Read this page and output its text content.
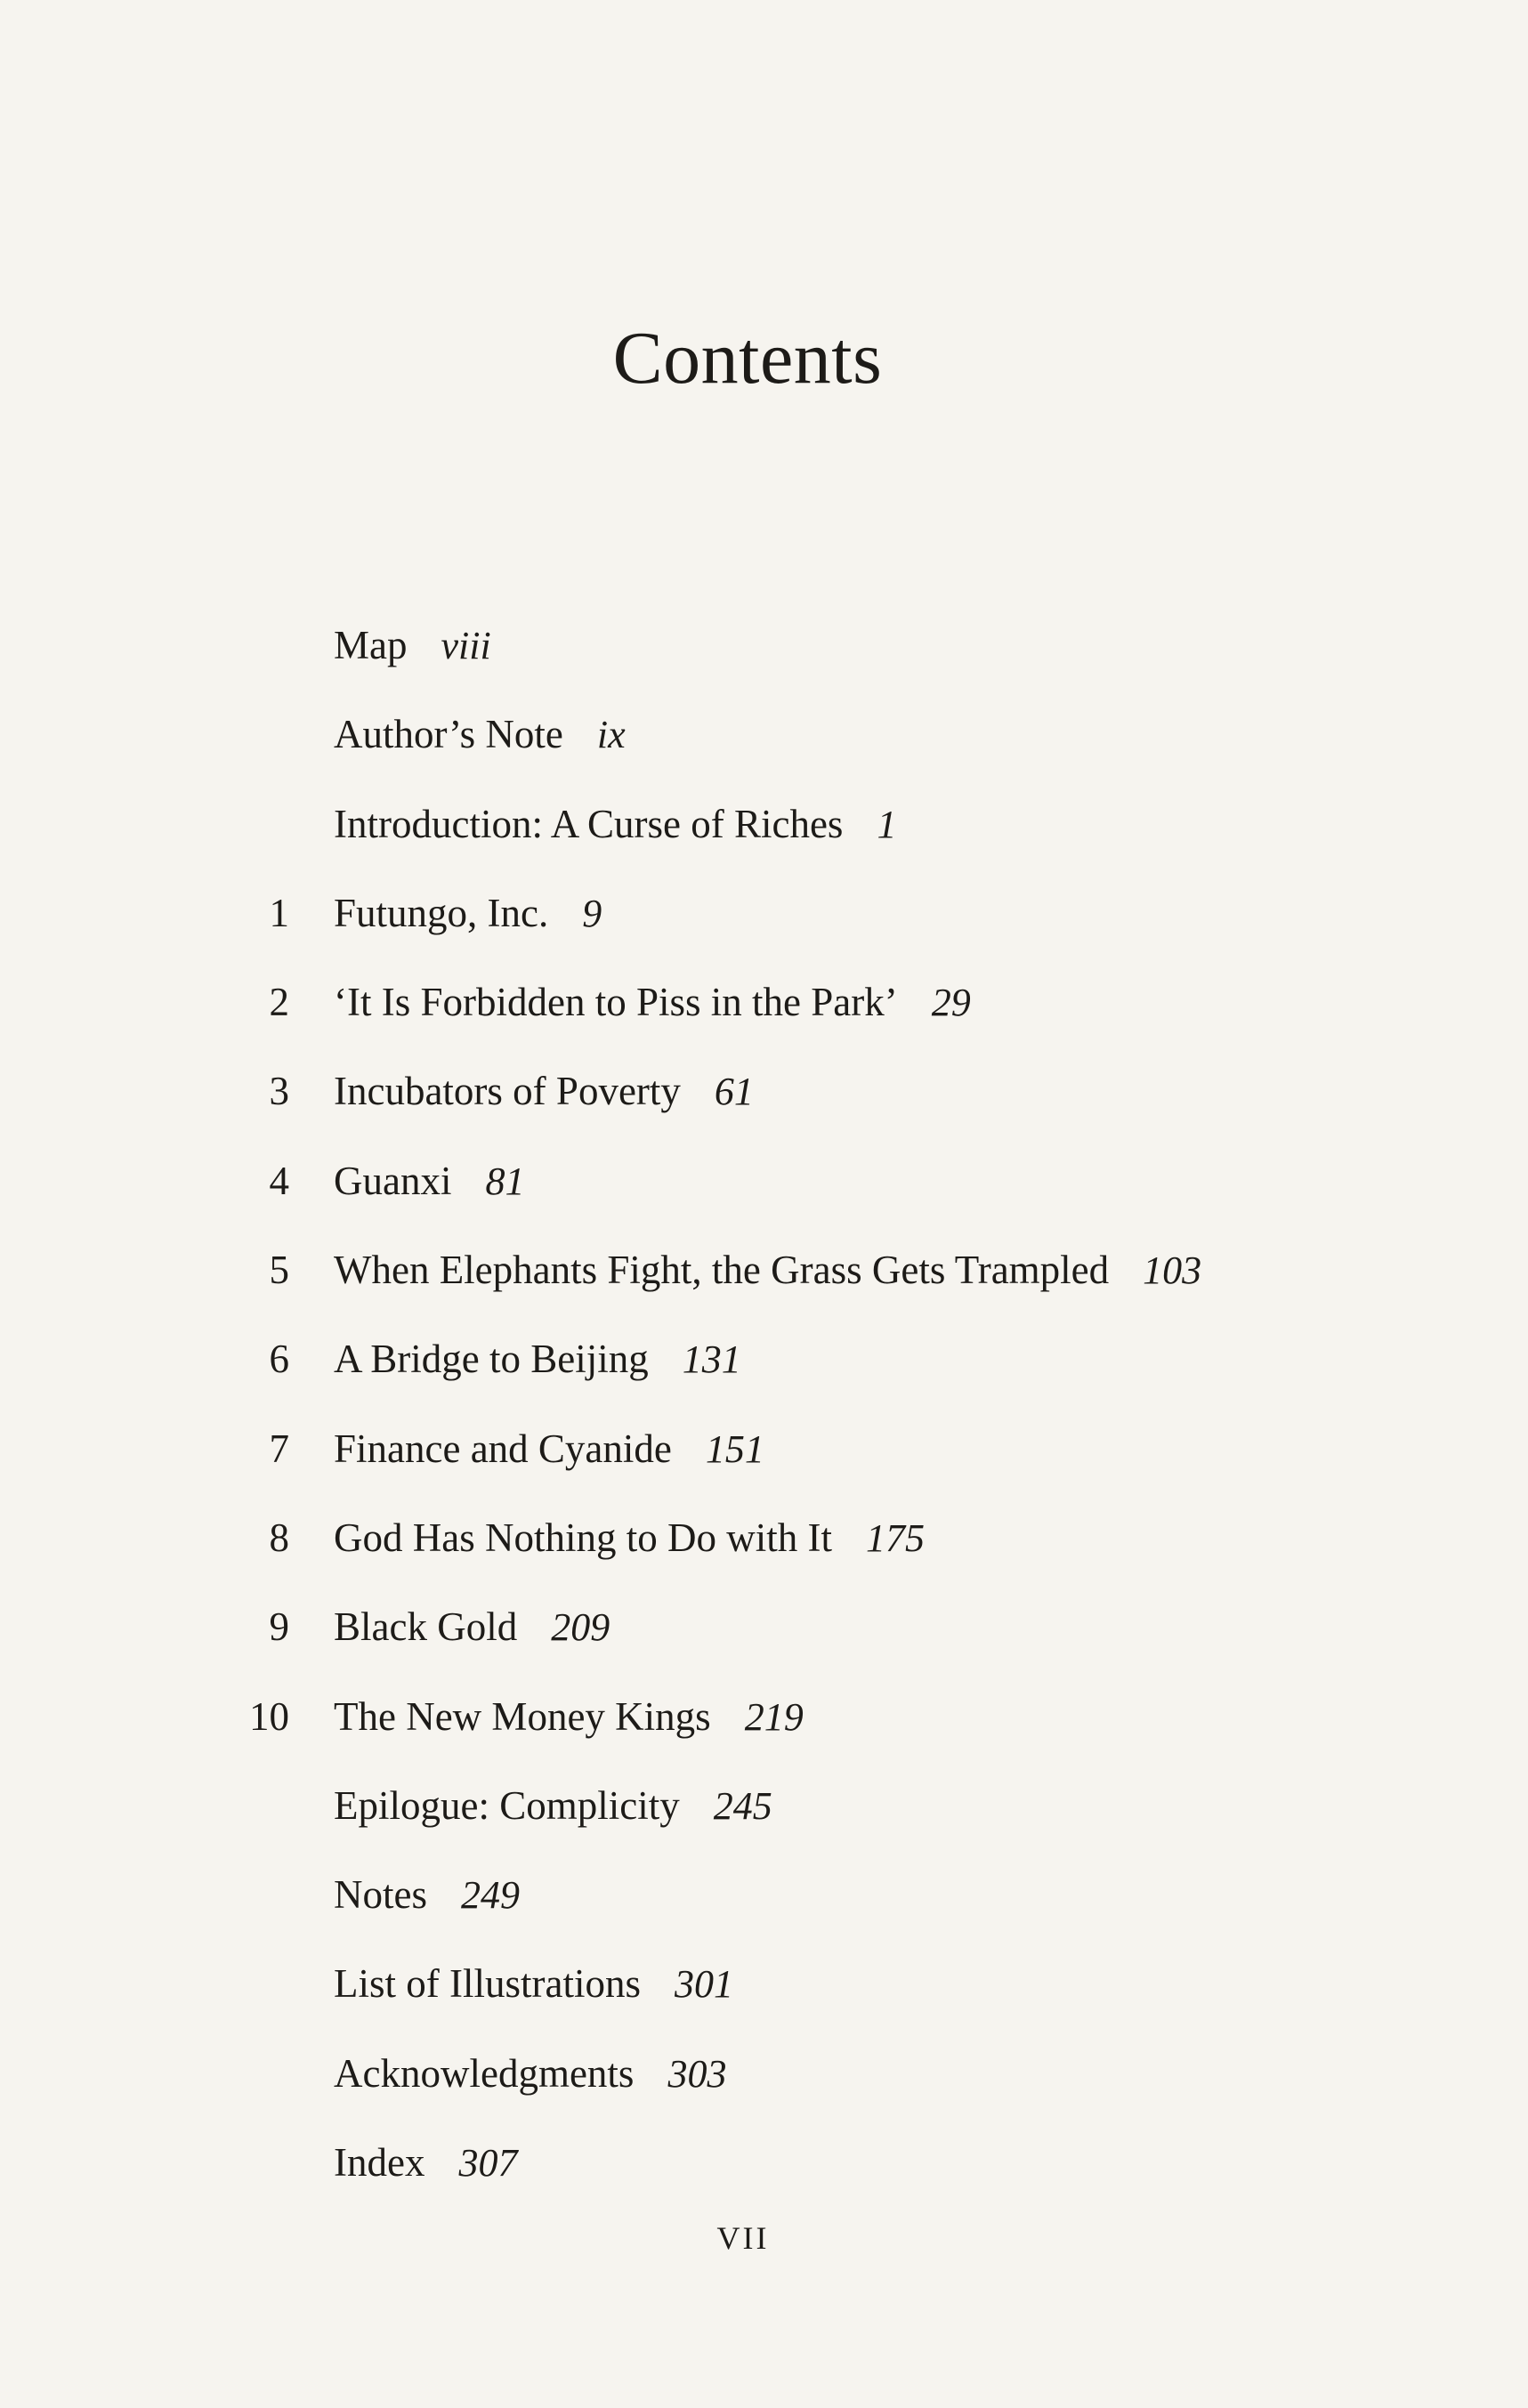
Contents
Map viii
Author’s Note ix
Introduction: A Curse of Riches 1
1 Futungo, Inc. 9
2 ‘It Is Forbidden to Piss in the Park’ 29
3 Incubators of Poverty 61
4 Guanxi 81
5 When Elephants Fight, the Grass Gets Trampled 103
6 A Bridge to Beijing 131
7 Finance and Cyanide 151
8 God Has Nothing to Do with It 175
9 Black Gold 209
10 The New Money Kings 219
Epilogue: Complicity 245
Notes 249
List of Illustrations 301
Acknowledgments 303
Index 307
VII
